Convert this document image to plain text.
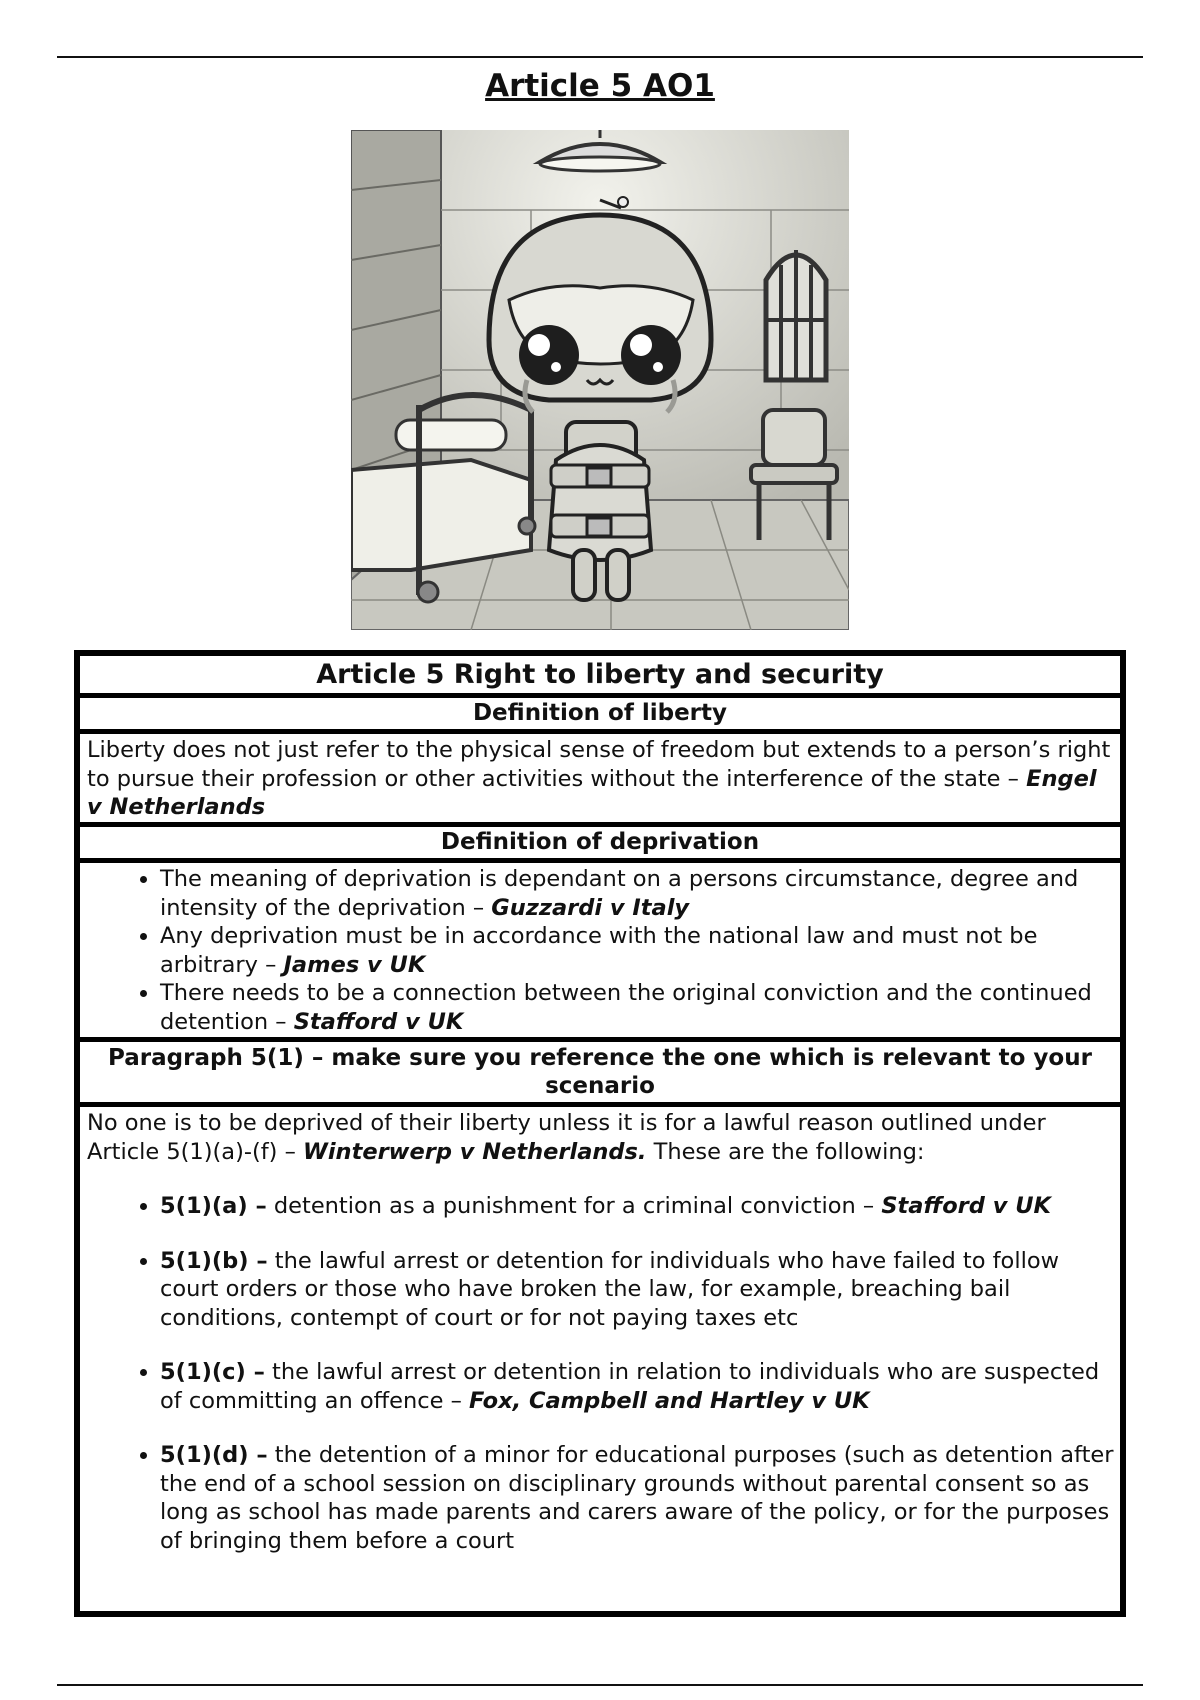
Article 5 AO1
Article 5 Right to liberty and security
Definition of liberty
Liberty does not just refer to the physical sense of freedom but extends to a person’s right to pursue their profession or other activities without the interference of the state – Engel v Netherlands
Definition of deprivation
• The meaning of deprivation is dependant on a persons circumstance, degree and intensity of the deprivation – Guzzardi v Italy
• Any deprivation must be in accordance with the national law and must not be arbitrary – James v UK
• There needs to be a connection between the original conviction and the continued detention – Stafford v UK
Paragraph 5(1) – make sure you reference the one which is relevant to your scenario
No one is to be deprived of their liberty unless it is for a lawful reason outlined under Article 5(1)(a)-(f) – Winterwerp v Netherlands. These are the following:
• 5(1)(a) – detention as a punishment for a criminal conviction – Stafford v UK
• 5(1)(b) – the lawful arrest or detention for individuals who have failed to follow court orders or those who have broken the law, for example, breaching bail conditions, contempt of court or for not paying taxes etc
• 5(1)(c) – the lawful arrest or detention in relation to individuals who are suspected of committing an offence – Fox, Campbell and Hartley v UK
• 5(1)(d) – the detention of a minor for educational purposes (such as detention after the end of a school session on disciplinary grounds without parental consent so as long as school has made parents and carers aware of the policy, or for the purposes of bringing them before a court
